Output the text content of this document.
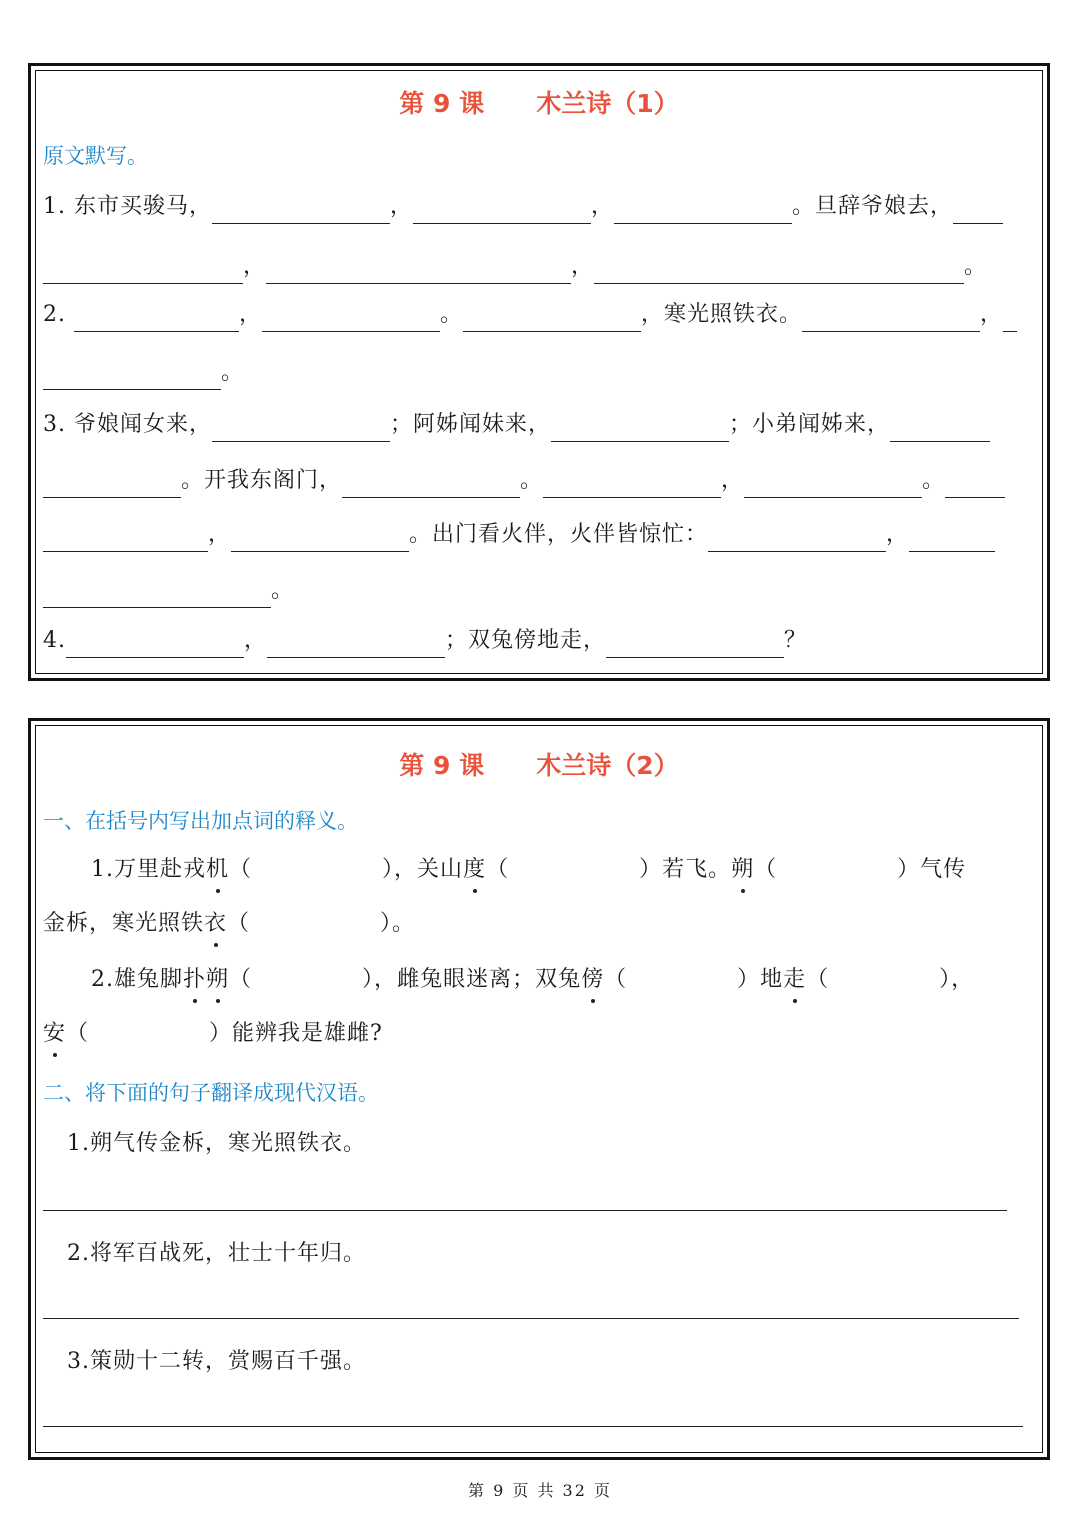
第 9 课      木兰诗（1）
原文默写。
1. 东市买骏马，	，	，	。旦辞爷娘去，
，	，	。
2.	，	。	，寒光照铁衣。	，
。
3. 爷娘闻女来，	；阿姊闻妹来，	；小弟闻姊来，
。开我东阁门，	。	，	。
，	。出门看火伴，火伴皆惊忙：	，
。
4.	，	；双兔傍地走，	？
第 9 课      木兰诗（2）
一、在括号内写出加点词的释义。
1.万里赴戎机（	），关山度（	）若飞。朔（	）气传
金柝，寒光照铁衣（	）。
2.雄兔脚扑朔（	），雌兔眼迷离；双兔傍（	）地走（	），
安（	）能辨我是雄雌?
二、将下面的句子翻译成现代汉语。
1.朔气传金柝，寒光照铁衣。
2.将军百战死，壮士十年归。
3.策勋十二转，赏赐百千强。
第 9 页 共 32 页
